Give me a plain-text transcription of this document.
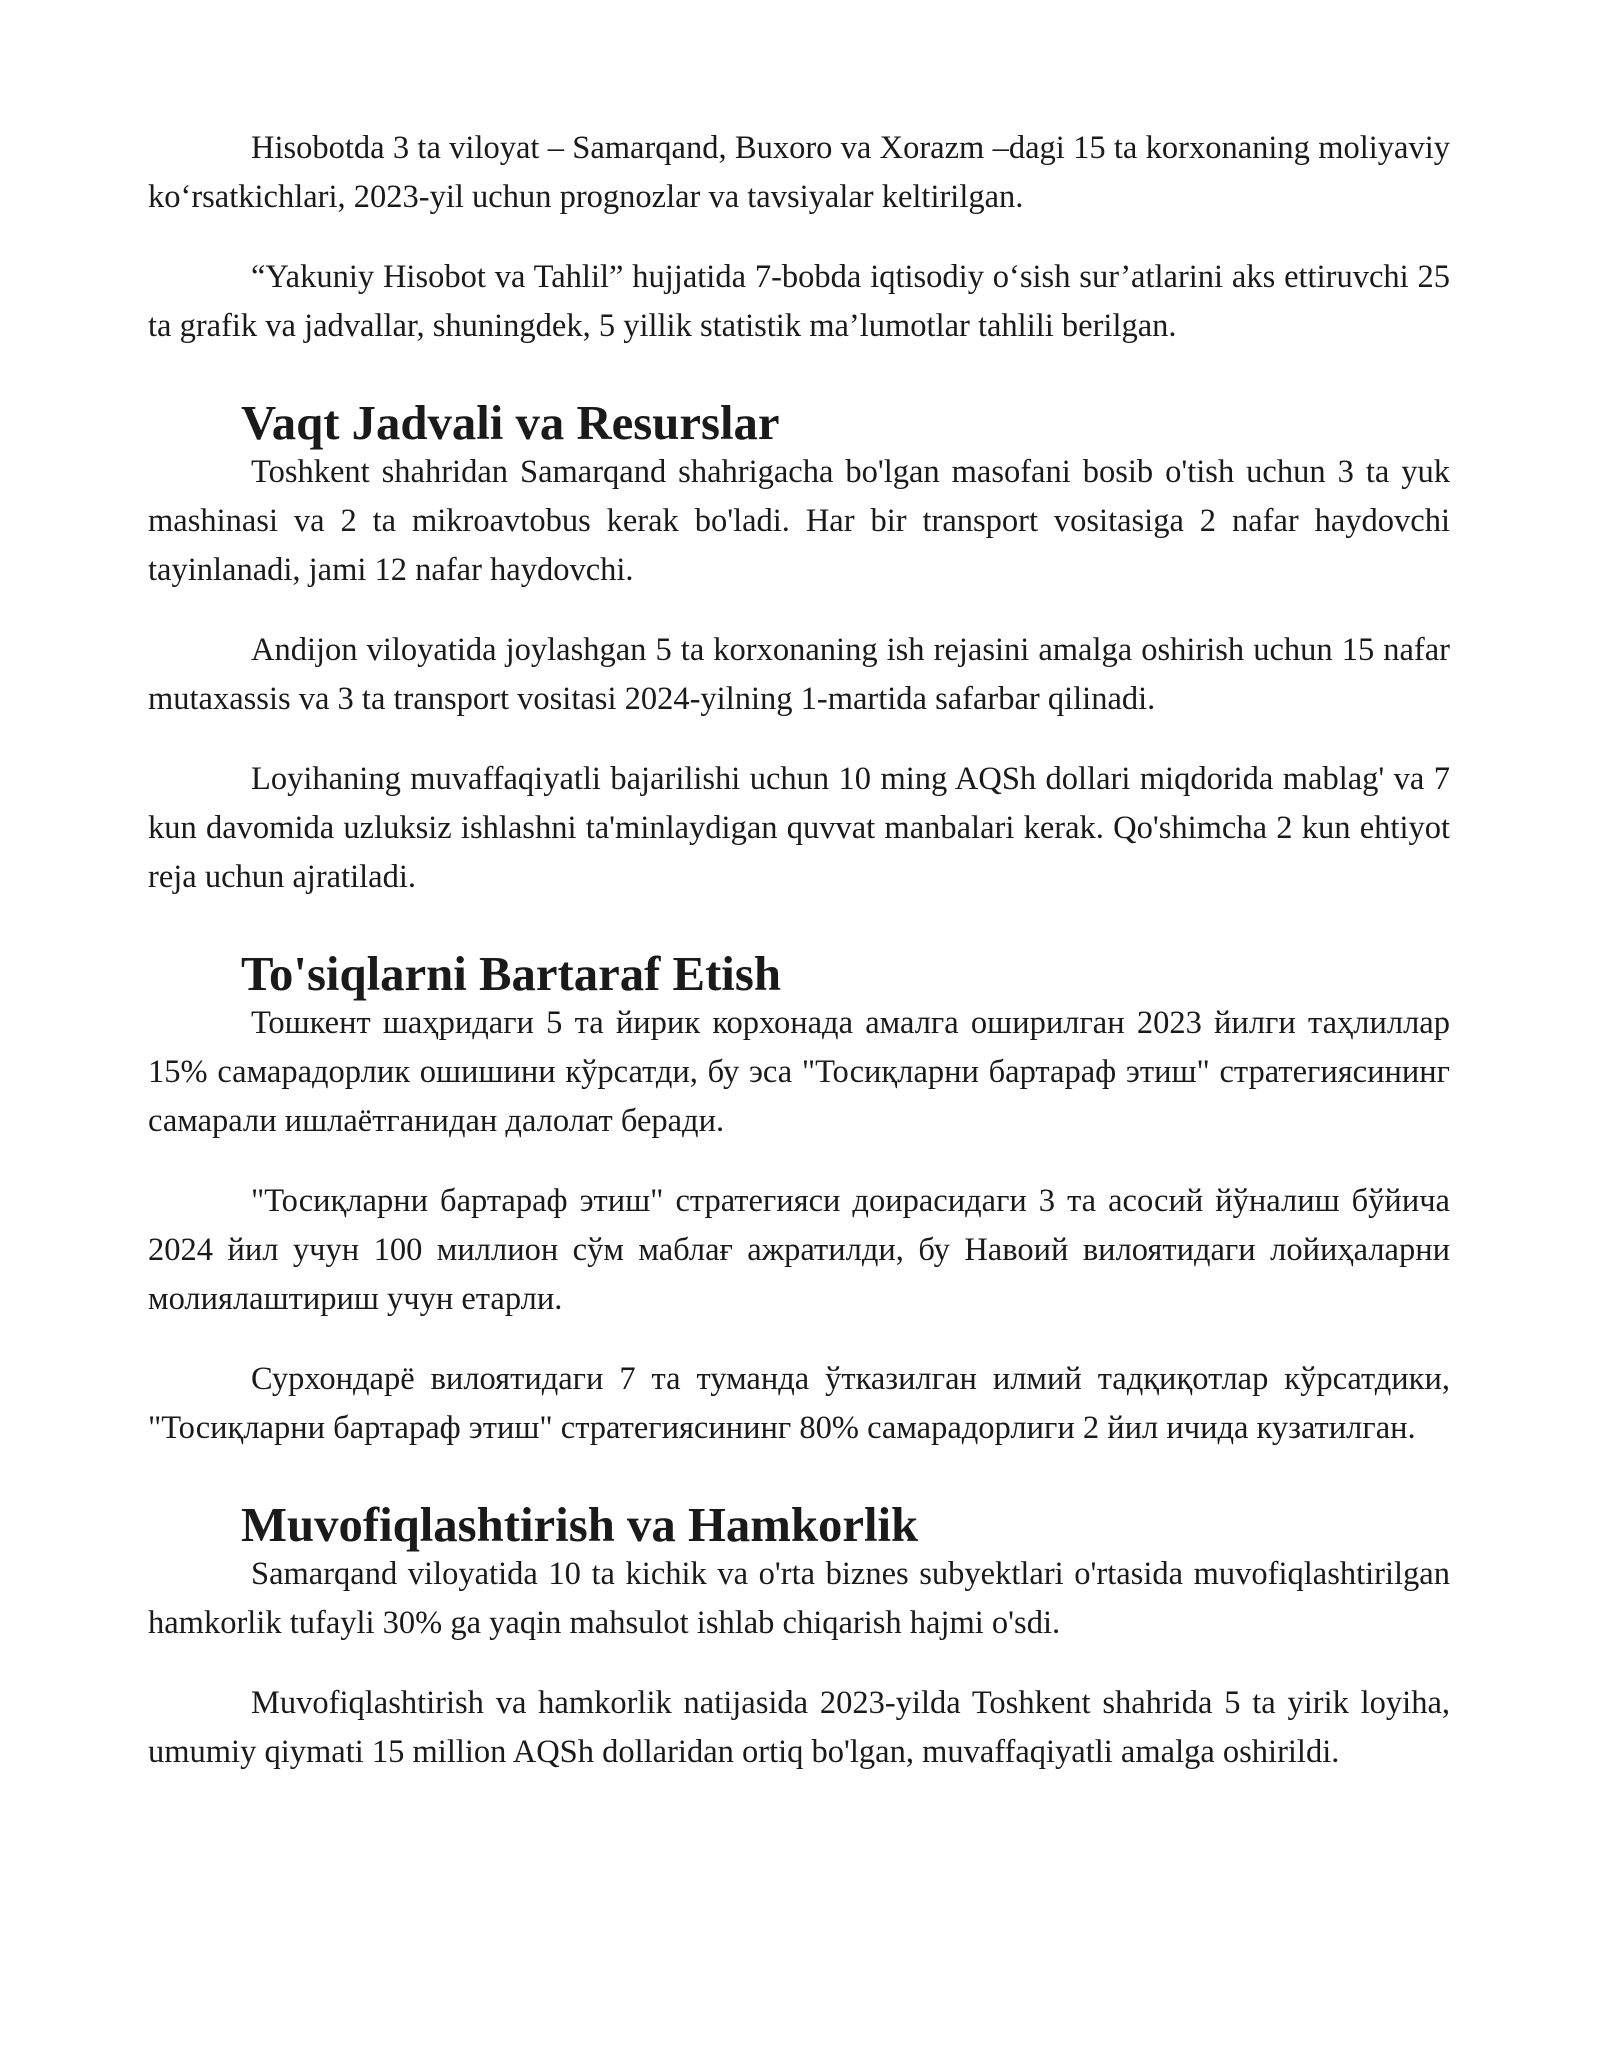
Hisobotda 3 ta viloyat – Samarqand, Buxoro va Xorazm –dagi 15 ta korxonaning moliyaviy ko‘rsatkichlari, 2023-yil uchun prognozlar va tavsiyalar keltirilgan.

“Yakuniy Hisobot va Tahlil” hujjatida 7-bobda iqtisodiy o‘sish sur’atlarini aks ettiruvchi 25 ta grafik va jadvallar, shuningdek, 5 yillik statistik ma’lumotlar tahlili berilgan.

Vaqt Jadvali va Resurslar

Toshkent shahridan Samarqand shahrigacha bo'lgan masofani bosib o'tish uchun 3 ta yuk mashinasi va 2 ta mikroavtobus kerak bo'ladi. Har bir transport vositasiga 2 nafar haydovchi tayinlanadi, jami 12 nafar haydovchi.

Andijon viloyatida joylashgan 5 ta korxonaning ish rejasini amalga oshirish uchun 15 nafar mutaxassis va 3 ta transport vositasi 2024-yilning 1-martida safarbar qilinadi.

Loyihaning muvaffaqiyatli bajarilishi uchun 10 ming AQSh dollari miqdorida mablag' va 7 kun davomida uzluksiz ishlashni ta'minlaydigan quvvat manbalari kerak. Qo'shimcha 2 kun ehtiyot reja uchun ajratiladi.

To'siqlarni Bartaraf Etish

Тошкент шаҳридаги 5 та йирик корхонада амалга оширилган 2023 йилги таҳлиллар 15% самарадорлик ошишини кўрсатди, бу эса "Тосиқларни бартараф этиш" стратегиясининг самарали ишлаётганидан далолат беради.

"Тосиқларни бартараф этиш" стратегияси доирасидаги 3 та асосий йўналиш бўйича 2024 йил учун 100 миллион сўм маблағ ажратилди, бу Навоий вилоятидаги лойиҳаларни молиялаштириш учун етарли.

Сурхондарё вилоятидаги 7 та туманда ўтказилган илмий тадқиқотлар кўрсатдики, "Тосиқларни бартараф этиш" стратегиясининг 80% самарадорлиги 2 йил ичида кузатилган.

Muvofiqlashtirish va Hamkorlik

Samarqand viloyatida 10 ta kichik va o'rta biznes subyektlari o'rtasida muvofiqlashtirilgan hamkorlik tufayli 30% ga yaqin mahsulot ishlab chiqarish hajmi o'sdi.

Muvofiqlashtirish va hamkorlik natijasida 2023-yilda Toshkent shahrida 5 ta yirik loyiha, umumiy qiymati 15 million AQSh dollaridan ortiq bo'lgan, muvaffaqiyatli amalga oshirildi.
